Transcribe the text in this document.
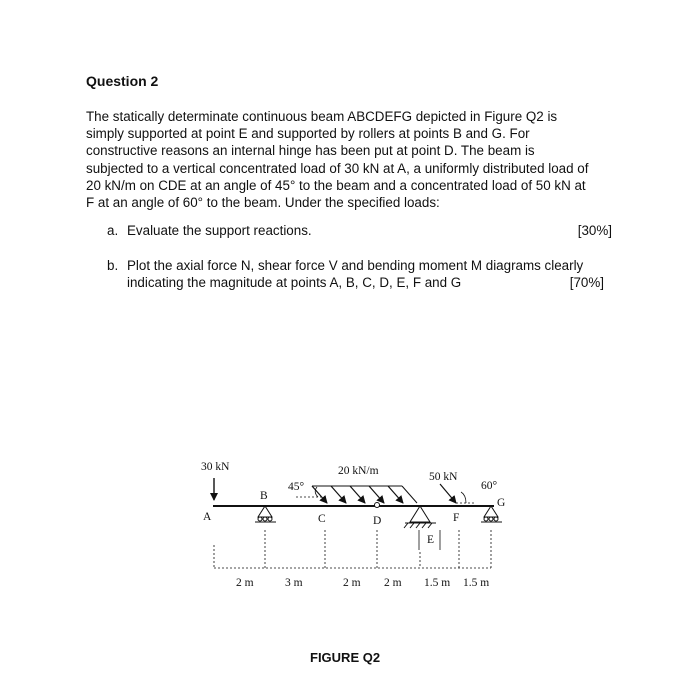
Question 2
The statically determinate continuous beam ABCDEFG depicted in Figure Q2 is
simply supported at point E and supported by rollers at points B and G. For
constructive reasons an internal hinge has been put at point D. The beam is
subjected to a vertical concentrated load of 30 kN at A, a uniformly distributed load of
20 kN/m on CDE at an angle of 45° to the beam and a concentrated load of 50 kN at
F at an angle of 60° to the beam. Under the specified loads:
a. Evaluate the support reactions.	[30%]
b. Plot the axial force N, shear force V and bending moment M diagrams clearly
indicating the magnitude at points A, B, C, D, E, F and G	[70%]
30 kN	20 kN/m
45°
50 kN
60°
A
B
C	D
E
F
G
2 m	3 m	2 m 2 m 1.5 m 1.5 m
FIGURE Q2
